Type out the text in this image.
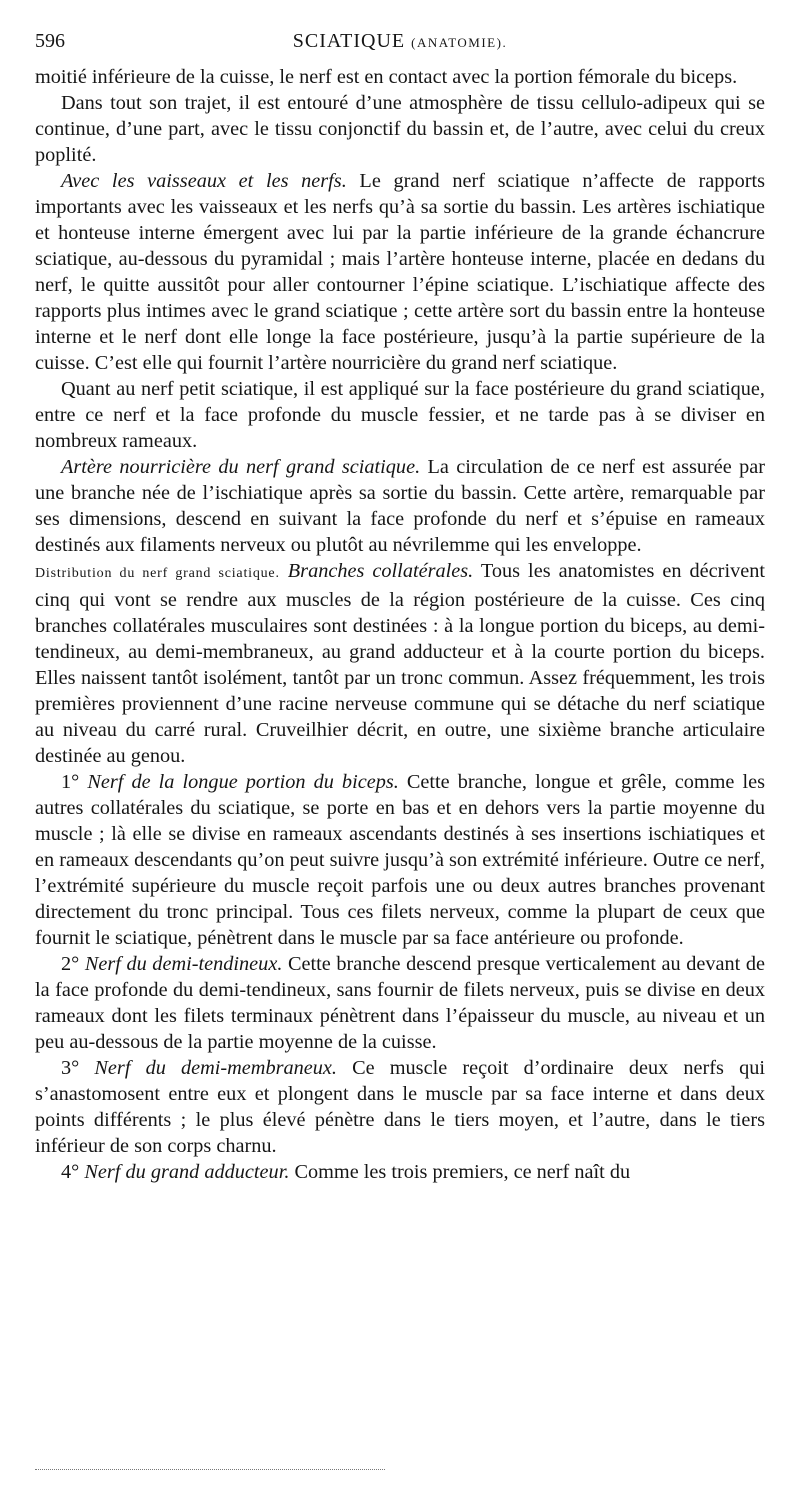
596	SCIATIQUE (ANATOMIE).

moitié inférieure de la cuisse, le nerf est en contact avec la portion fémorale du biceps.

Dans tout son trajet, il est entouré d’une atmosphère de tissu cellulo-adipeux qui se continue, d’une part, avec le tissu conjonctif du bassin et, de l’autre, avec celui du creux poplité.

Avec les vaisseaux et les nerfs. Le grand nerf sciatique n’affecte de rapports importants avec les vaisseaux et les nerfs qu’à sa sortie du bassin. Les artères ischiatique et honteuse interne émergent avec lui par la partie inférieure de la grande échancrure sciatique, au-dessous du pyramidal ; mais l’artère honteuse interne, placée en dedans du nerf, le quitte aussitôt pour aller contourner l’épine sciatique. L’ischiatique affecte des rapports plus intimes avec le grand sciatique ; cette artère sort du bassin entre la honteuse interne et le nerf dont elle longe la face postérieure, jusqu’à la partie supérieure de la cuisse. C’est elle qui fournit l’artère nourricière du grand nerf sciatique.

Quant au nerf petit sciatique, il est appliqué sur la face postérieure du grand sciatique, entre ce nerf et la face profonde du muscle fessier, et ne tarde pas à se diviser en nombreux rameaux.

Artère nourricière du nerf grand sciatique. La circulation de ce nerf est assurée par une branche née de l’ischiatique après sa sortie du bassin. Cette artère, remarquable par ses dimensions, descend en suivant la face profonde du nerf et s’épuise en rameaux destinés aux filaments nerveux ou plutôt au névrilemme qui les enveloppe.

Distribution du nerf grand sciatique. Branches collatérales. Tous les anatomistes en décrivent cinq qui vont se rendre aux muscles de la région postérieure de la cuisse. Ces cinq branches collatérales musculaires sont destinées : à la longue portion du biceps, au demi-tendineux, au demi-membraneux, au grand adducteur et à la courte portion du biceps. Elles naissent tantôt isolément, tantôt par un tronc commun. Assez fréquemment, les trois premières proviennent d’une racine nerveuse commune qui se détache du nerf sciatique au niveau du carré rural. Cruveilhier décrit, en outre, une sixième branche articulaire destinée au genou.

1° Nerf de la longue portion du biceps. Cette branche, longue et grêle, comme les autres collatérales du sciatique, se porte en bas et en dehors vers la partie moyenne du muscle ; là elle se divise en rameaux ascendants destinés à ses insertions ischiatiques et en rameaux descendants qu’on peut suivre jusqu’à son extrémité inférieure. Outre ce nerf, l’extrémité supérieure du muscle reçoit parfois une ou deux autres branches provenant directement du tronc principal. Tous ces filets nerveux, comme la plupart de ceux que fournit le sciatique, pénètrent dans le muscle par sa face antérieure ou profonde.

2° Nerf du demi-tendineux. Cette branche descend presque verticalement au devant de la face profonde du demi-tendineux, sans fournir de filets nerveux, puis se divise en deux rameaux dont les filets terminaux pénètrent dans l’épaisseur du muscle, au niveau et un peu au-dessous de la partie moyenne de la cuisse.

3° Nerf du demi-membraneux. Ce muscle reçoit d’ordinaire deux nerfs qui s’anastomosent entre eux et plongent dans le muscle par sa face interne et dans deux points différents ; le plus élevé pénètre dans le tiers moyen, et l’autre, dans le tiers inférieur de son corps charnu.

4° Nerf du grand adducteur. Comme les trois premiers, ce nerf naît du
